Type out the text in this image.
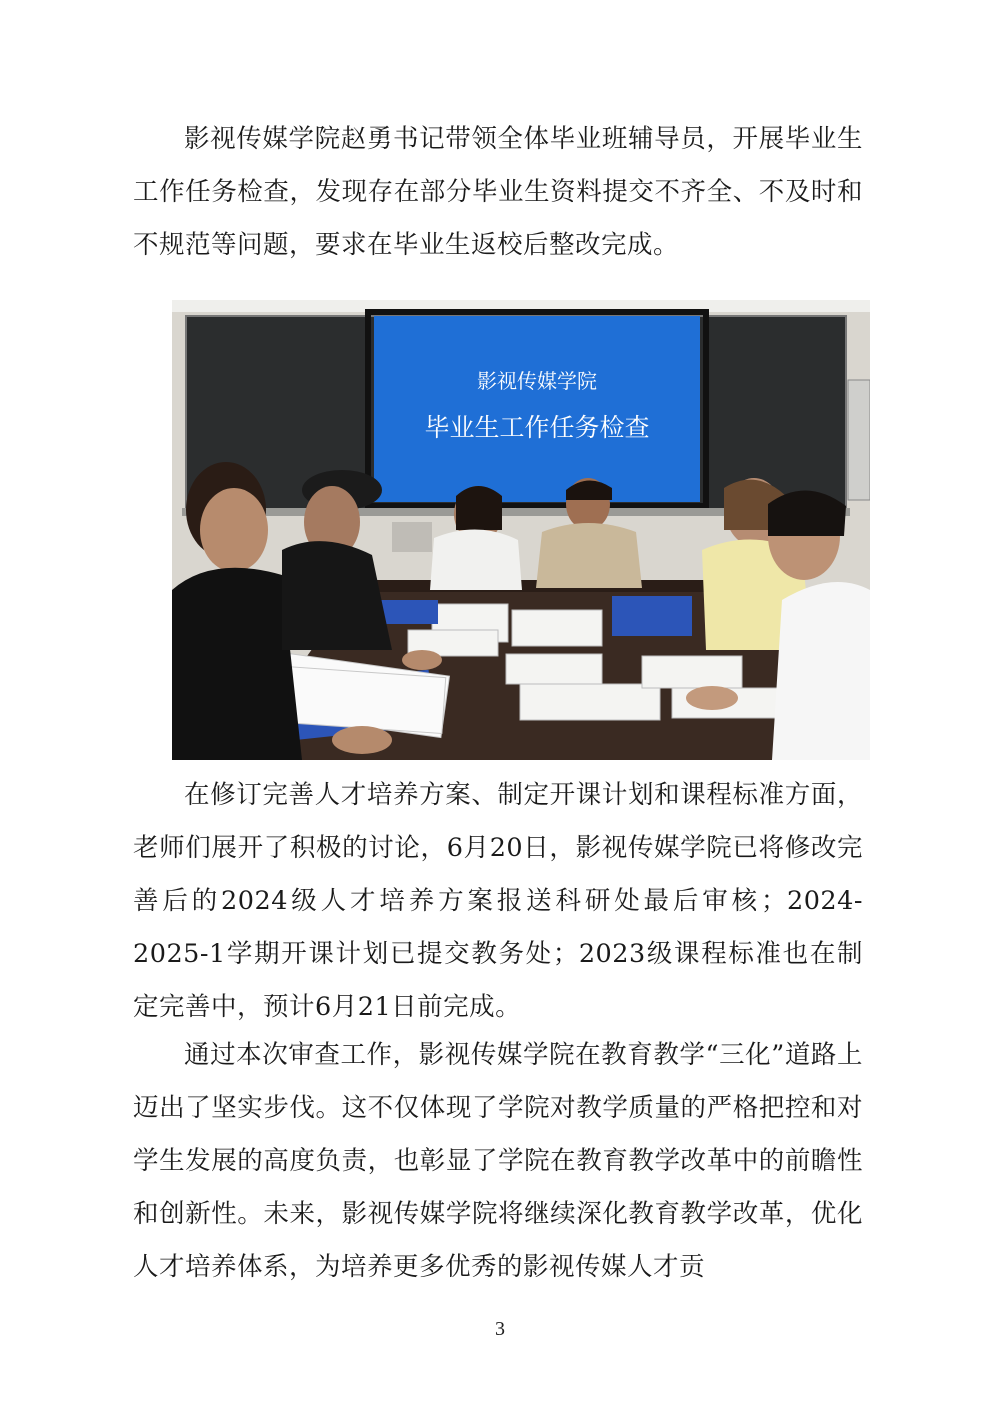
影视传媒学院赵勇书记带领全体毕业班辅导员，开展毕业生工作任务检查，发现存在部分毕业生资料提交不齐全、不及时和不规范等问题，要求在毕业生返校后整改完成。

影视传媒学院
毕业生工作任务检查

在修订完善人才培养方案、制定开课计划和课程标准方面，老师们展开了积极的讨论，6月20日，影视传媒学院已将修改完善后的2024级人才培养方案报送科研处最后审核；2024-2025-1学期开课计划已提交教务处；2023级课程标准也在制定完善中，预计6月21日前完成。

通过本次审查工作，影视传媒学院在教育教学“三化”道路上迈出了坚实步伐。这不仅体现了学院对教学质量的严格把控和对学生发展的高度负责，也彰显了学院在教育教学改革中的前瞻性和创新性。未来，影视传媒学院将继续深化教育教学改革，优化人才培养体系，为培养更多优秀的影视传媒人才贡

3
